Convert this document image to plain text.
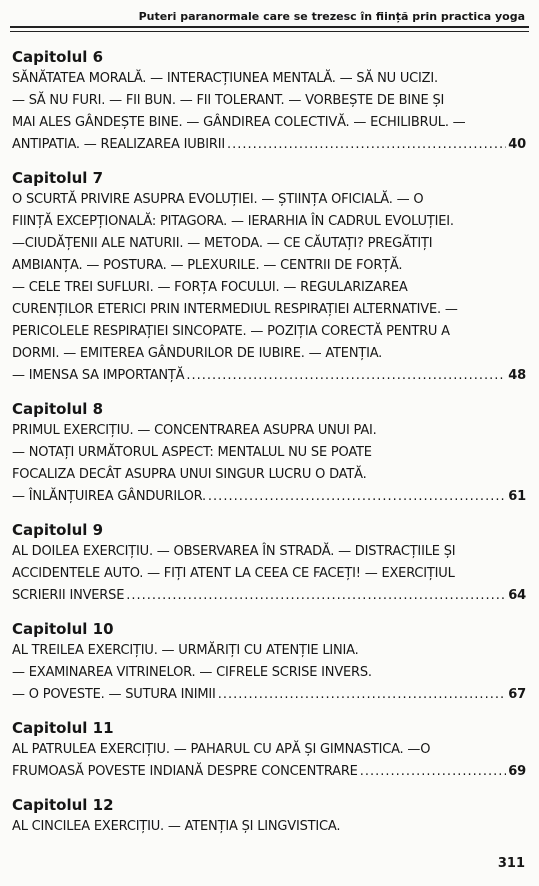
Puteri paranormale care se trezesc în ființă prin practica yoga
Capitolul 6
SĂNĂTATEA MORALĂ. — INTERACȚIUNEA MENTALĂ. — SĂ NU UCIZI.
— SĂ NU FURI. — FII BUN. — FII TOLERANT. — VORBEȘTE DE BINE ȘI
MAI ALES GÂNDEȘTE BINE. — GÂNDIREA COLECTIVĂ. — ECHILIBRUL. —
ANTIPATIA. — REALIZAREA IUBIRII .....	40
Capitolul 7
O SCURTĂ PRIVIRE ASUPRA EVOLUȚIEI. — ȘTIINȚA OFICIALĂ. — O
FIINȚĂ EXCEPȚIONALĂ: PITAGORA. — IERARHIA ÎN CADRUL EVOLUȚIEI.
—CIUDĂȚENII ALE NATURII. — METODA. — CE CĂUTAȚI? PREGĂTIȚI
AMBIANȚA. — POSTURA. — PLEXURILE. — CENTRII DE FORȚĂ.
— CELE TREI SUFLURI. — FORȚA FOCULUI. — REGULARIZAREA
CURENȚILOR ETERICI PRIN INTERMEDIUL RESPIRAȚIEI ALTERNATIVE. —
PERICOLELE RESPIRAȚIEI SINCOPATE. — POZIȚIA CORECTĂ PENTRU A
DORMI. — EMITEREA GÂNDURILOR DE IUBIRE. — ATENȚIA.
— IMENSA SA IMPORTANȚĂ .....	48
Capitolul 8
PRIMUL EXERCIȚIU. — CONCENTRAREA ASUPRA UNUI PAI.
— NOTAȚI URMĂTORUL ASPECT: MENTALUL NU SE POATE
FOCALIZA DECÂT ASUPRA UNUI SINGUR LUCRU O DATĂ.
— ÎNLĂNȚUIREA GÂNDURILOR. .....	61
Capitolul 9
AL DOILEA EXERCIȚIU. — OBSERVAREA ÎN STRADĂ. — DISTRACȚIILE ȘI
ACCIDENTELE AUTO. — FIȚI ATENT LA CEEA CE FACEȚI! — EXERCIȚIUL
SCRIERII INVERSE .....	64
Capitolul 10
AL TREILEA EXERCIȚIU. — URMĂRIȚI CU ATENȚIE LINIA.
— EXAMINAREA VITRINELOR. — CIFRELE SCRISE INVERS.
— O POVESTE. — SUTURA INIMII .....	67
Capitolul 11
AL PATRULEA EXERCIȚIU. — PAHARUL CU APĂ ȘI GIMNASTICA. —O
FRUMOASĂ POVESTE INDIANĂ DESPRE CONCENTRARE .....	69
Capitolul 12
AL CINCILEA EXERCIȚIU. — ATENȚIA ȘI LINGVISTICA.
311
